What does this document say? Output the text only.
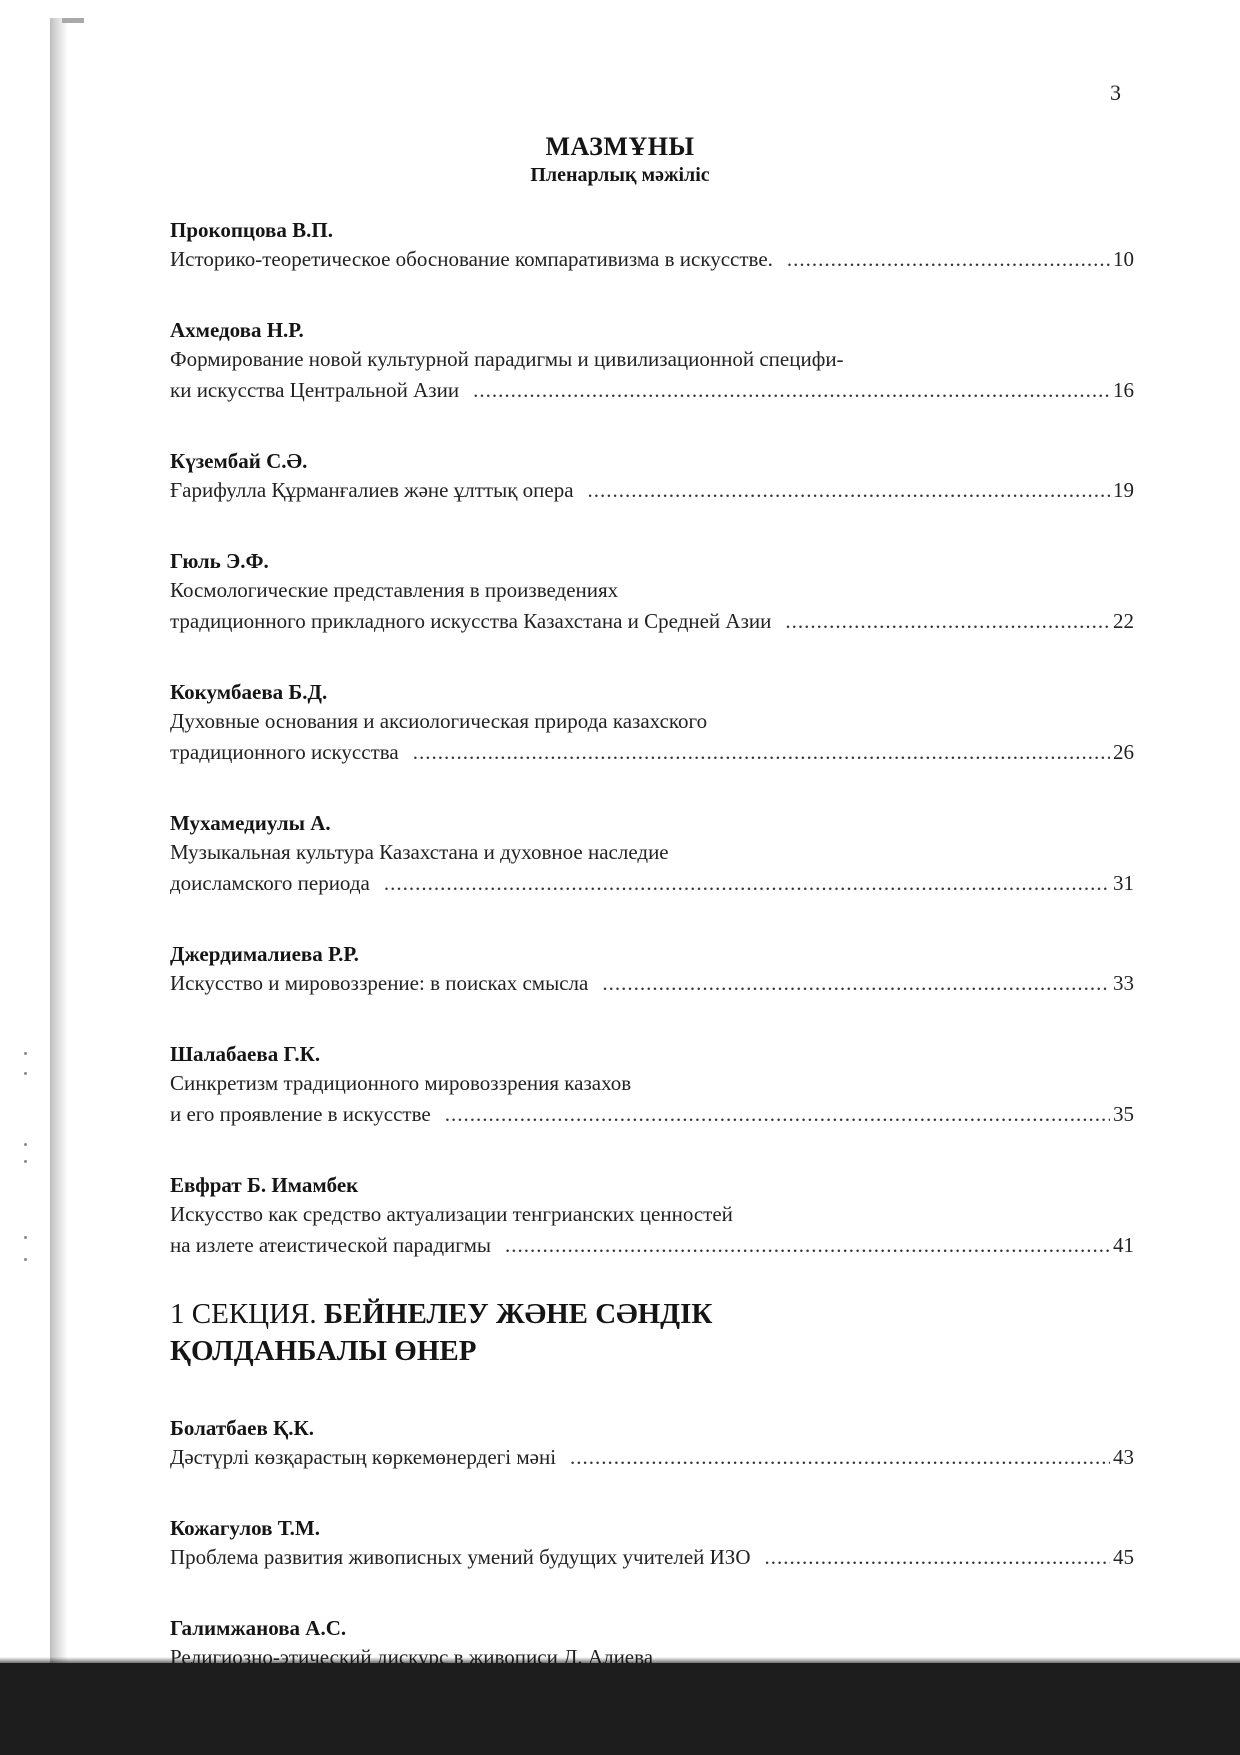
3
МАЗМҰНЫ
Пленарлық мәжіліс
Прокопцова В.П.
Историко-теоретическое обоснование компаративизма в искусстве. .....	10
Ахмедова Н.Р.
Формирование новой культурной парадигмы и цивилизационной специфи-
ки искусства Центральной Азии .....	16
Күзембай С.Ә.
Ғарифулла Құрманғалиев және ұлттық опера .....	19
Гюль Э.Ф.
Космологические представления в произведениях
традиционного прикладного искусства Казахстана и Средней Азии .....	22
Кокумбаева Б.Д.
Духовные основания и аксиологическая природа казахского
традиционного искусства .....	26
Мухамедиулы А.
Музыкальная культура Казахстана и духовное наследие
доисламского периода .....	31
Джердималиева Р.Р.
Искусство и мировоззрение: в поисках смысла .....	33
Шалабаева Г.К.
Синкретизм традиционного мировоззрения казахов
и его проявление в искусстве .....	35
Евфрат Б. Имамбек
Искусство как средство актуализации тенгрианских ценностей
на излете атеистической парадигмы .....	41
1 СЕКЦИЯ. БЕЙНЕЛЕУ ЖӘНЕ СӘНДІК
ҚОЛДАНБАЛЫ ӨНЕР
Болатбаев Қ.К.
Дәстүрлі көзқарастың көркемөнердегі мәні .....	43
Кожагулов Т.М.
Проблема развития живописных умений будущих учителей ИЗО .....	45
Галимжанова А.С.
.....
